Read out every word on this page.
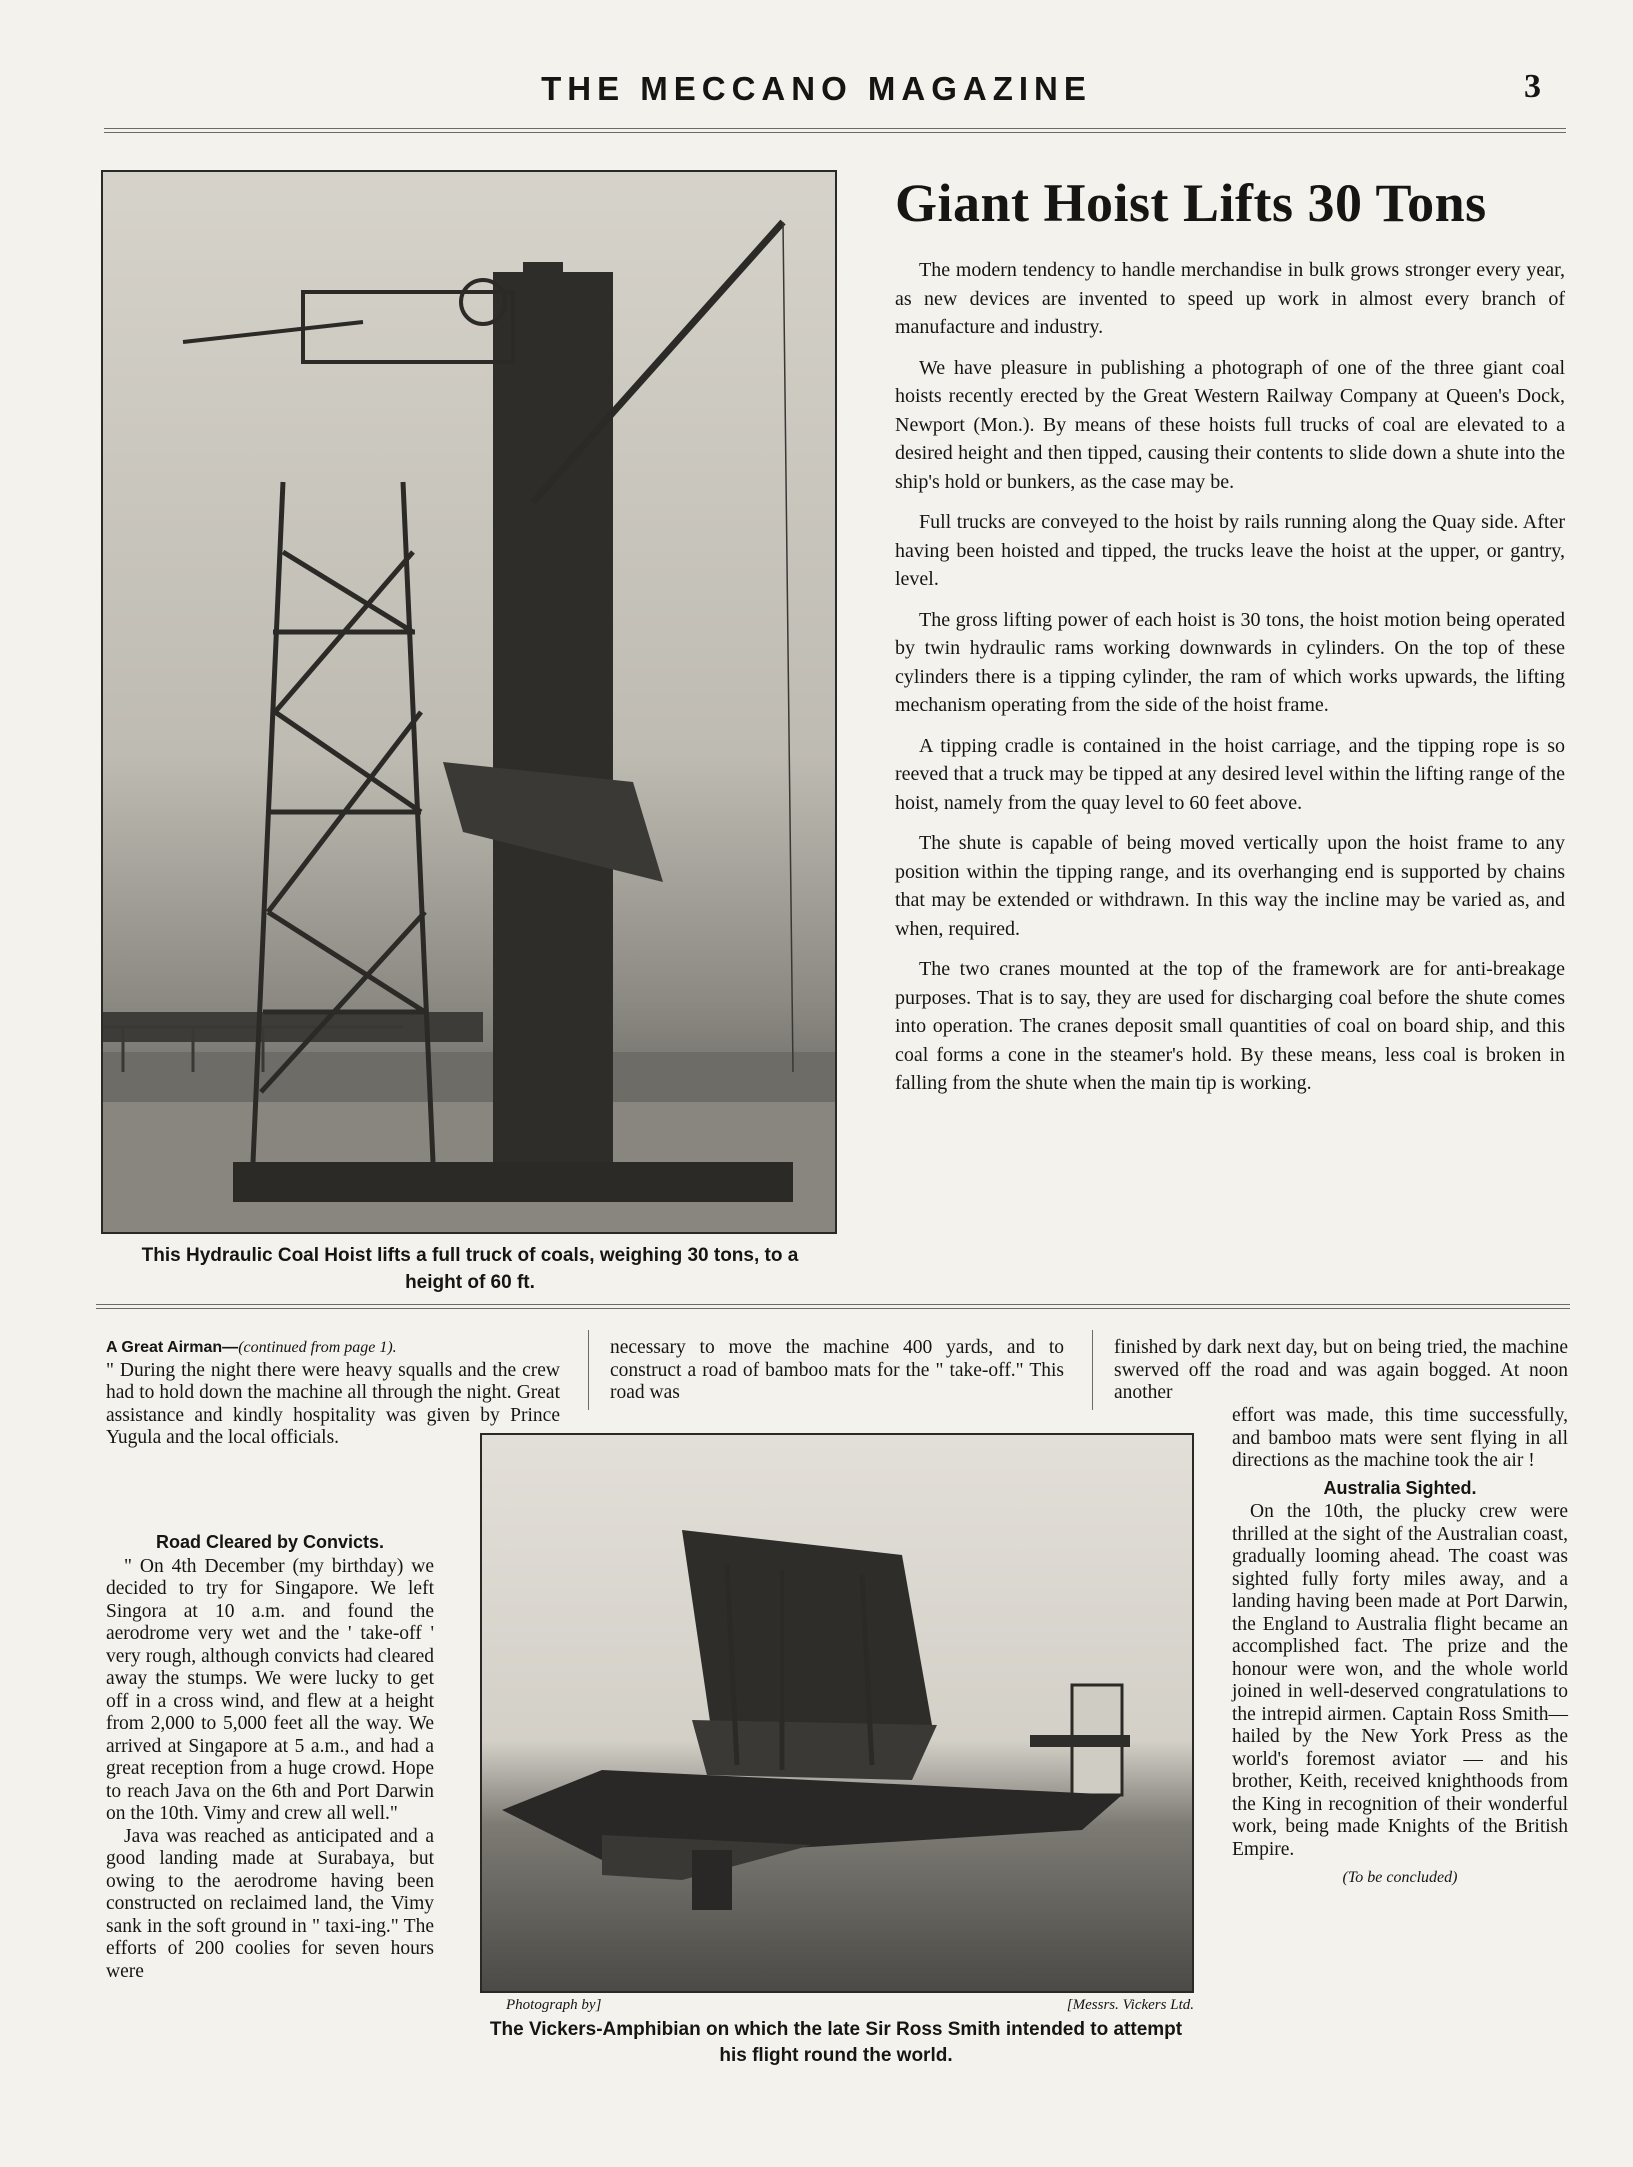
THE MECCANO MAGAZINE	3
This Hydraulic Coal Hoist lifts a full truck of coals, weighing 30 tons, to a height of 60 ft.
Giant Hoist Lifts 30 Tons

The modern tendency to handle merchandise in bulk grows stronger every year, as new devices are invented to speed up work in almost every branch of manufacture and industry.

We have pleasure in publishing a photograph of one of the three giant coal hoists recently erected by the Great Western Railway Company at Queen's Dock, Newport (Mon.). By means of these hoists full trucks of coal are elevated to a desired height and then tipped, causing their contents to slide down a shute into the ship's hold or bunkers, as the case may be.

Full trucks are conveyed to the hoist by rails running along the Quay side. After having been hoisted and tipped, the trucks leave the hoist at the upper, or gantry, level.

The gross lifting power of each hoist is 30 tons, the hoist motion being operated by twin hydraulic rams working downwards in cylinders. On the top of these cylinders there is a tipping cylinder, the ram of which works upwards, the lifting mechanism operating from the side of the hoist frame.

A tipping cradle is contained in the hoist carriage, and the tipping rope is so reeved that a truck may be tipped at any desired level within the lifting range of the hoist, namely from the quay level to 60 feet above.

The shute is capable of being moved vertically upon the hoist frame to any position within the tipping range, and its overhanging end is supported by chains that may be extended or withdrawn. In this way the incline may be varied as, and when, required.

The two cranes mounted at the top of the framework are for anti-breakage purposes. That is to say, they are used for discharging coal before the shute comes into operation. The cranes deposit small quantities of coal on board ship, and this coal forms a cone in the steamer's hold. By these means, less coal is broken in falling from the shute when the main tip is working.

A Great Airman—(continued from page 1).

" During the night there were heavy squalls and the crew had to hold down the machine all through the night. Great assistance and kindly hospitality was given by Prince Yugula and the local officials.

Road Cleared by Convicts.

" On 4th December (my birthday) we decided to try for Singapore. We left Singora at 10 a.m. and found the aerodrome very wet and the ' take-off ' very rough, although convicts had cleared away the stumps. We were lucky to get off in a cross wind, and flew at a height from 2,000 to 5,000 feet all the way. We arrived at Singapore at 5 a.m., and had a great reception from a huge crowd. Hope to reach Java on the 6th and Port Darwin on the 10th. Vimy and crew all well."

Java was reached as anticipated and a good landing made at Surabaya, but owing to the aerodrome having been constructed on reclaimed land, the Vimy sank in the soft ground in " taxi-ing." The efforts of 200 coolies for seven hours were

necessary to move the machine 400 yards, and to construct a road of bamboo mats for the " take-off." This road was

finished by dark next day, but on being tried, the machine swerved off the road and was again bogged. At noon another

effort was made, this time successfully, and bamboo mats were sent flying in all directions as the machine took the air !

Australia Sighted.

On the 10th, the plucky crew were thrilled at the sight of the Australian coast, gradually looming ahead. The coast was sighted fully forty miles away, and a landing having been made at Port Darwin, the England to Australia flight became an accomplished fact. The prize and the honour were won, and the whole world joined in well-deserved congratulations to the intrepid airmen. Captain Ross Smith—hailed by the New York Press as the world's foremost aviator — and his brother, Keith, received knighthoods from the King in recognition of their wonderful work, being made Knights of the British Empire.

(To be concluded)
Photograph by]	[Messrs. Vickers Ltd.
The Vickers-Amphibian on which the late Sir Ross Smith intended to attempt his flight round the world.
